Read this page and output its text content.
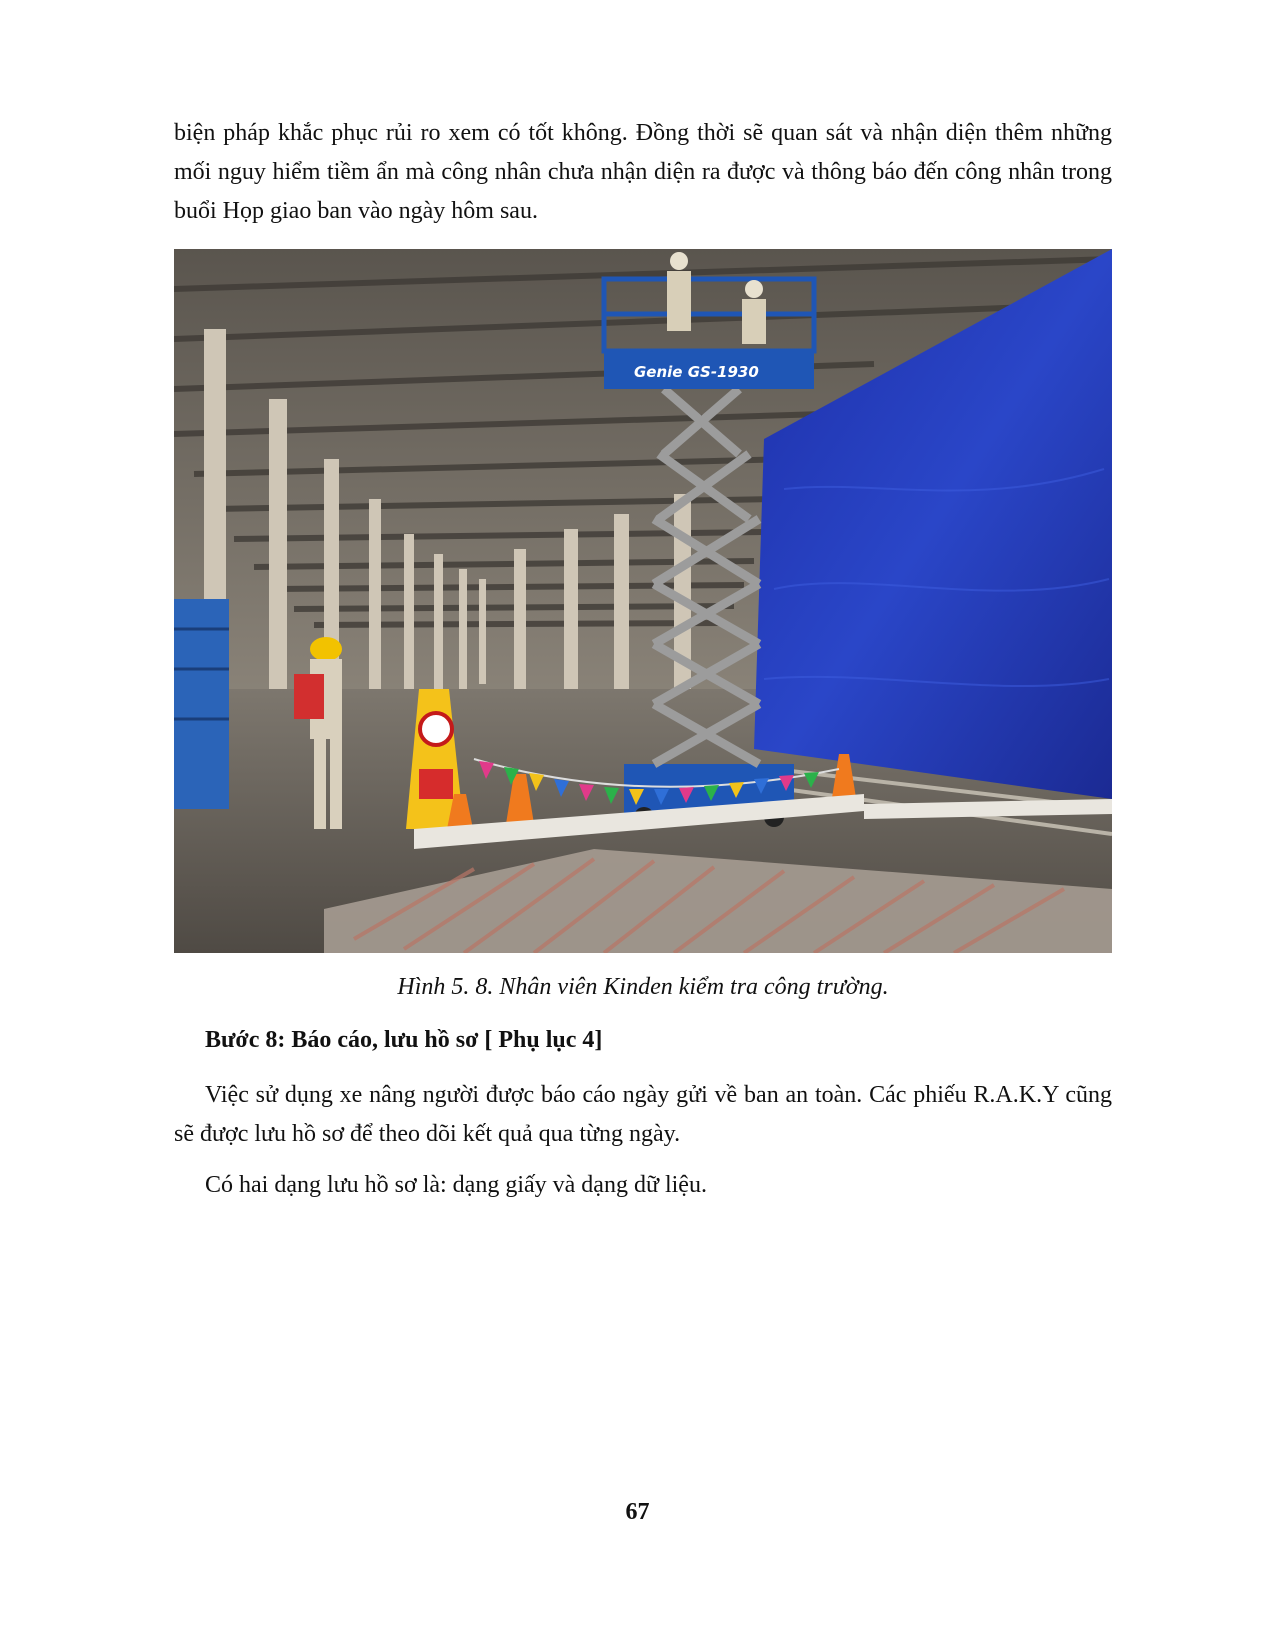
biện pháp khắc phục rủi ro xem có tốt không. Đồng thời sẽ quan sát và nhận diện thêm những mối nguy hiểm tiềm ẩn mà công nhân chưa nhận diện ra được và thông báo đến công nhân trong buổi Họp giao ban vào ngày hôm sau.

Genie GS-1930

Hình 5. 8. Nhân viên Kinden kiểm tra công trường.

Bước 8: Báo cáo, lưu hồ sơ [ Phụ lục 4]

Việc sử dụng xe nâng người được báo cáo ngày gửi về ban an toàn. Các phiếu R.A.K.Y cũng sẽ được lưu hồ sơ để theo dõi kết quả qua từng ngày.

Có hai dạng lưu hồ sơ là: dạng giấy và dạng dữ liệu.

67
